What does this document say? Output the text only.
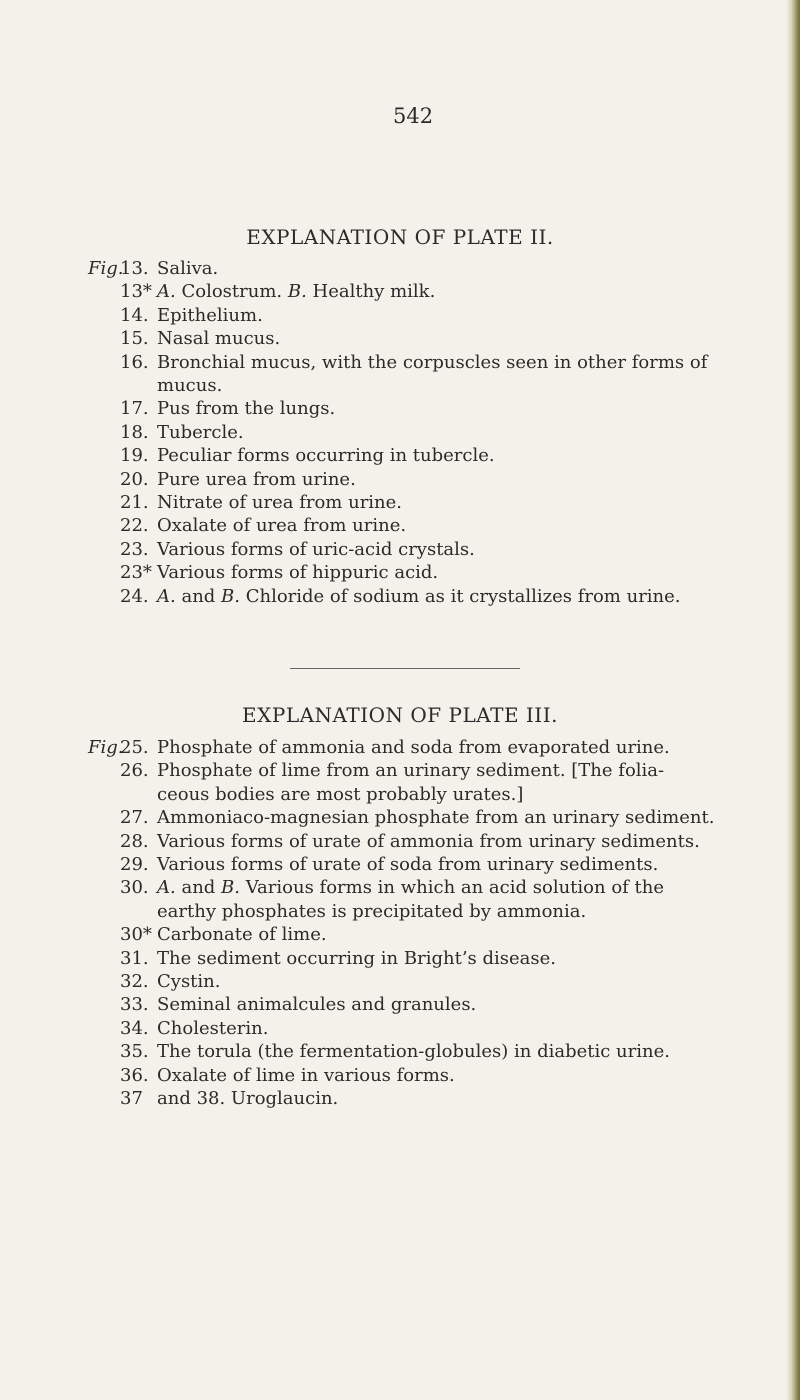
542
EXPLANATION OF PLATE II.
Fig.
13. Saliva.
13* A. Colostrum. B. Healthy milk.
14. Epithelium.
15. Nasal mucus.
16. Bronchial mucus, with the corpuscles seen in other forms of
mucus.
17. Pus from the lungs.
18. Tubercle.
19. Peculiar forms occurring in tubercle.
20. Pure urea from urine.
21. Nitrate of urea from urine.
22. Oxalate of urea from urine.
23. Various forms of uric-acid crystals.
23* Various forms of hippuric acid.
24. A. and B. Chloride of sodium as it crystallizes from urine.
EXPLANATION OF PLATE III.
Fig.
25. Phosphate of ammonia and soda from evaporated urine.
26. Phosphate of lime from an urinary sediment. [The folia-
ceous bodies are most probably urates.]
27. Ammoniaco-magnesian phosphate from an urinary sediment.
28. Various forms of urate of ammonia from urinary sediments.
29. Various forms of urate of soda from urinary sediments.
30. A. and B. Various forms in which an acid solution of the
earthy phosphates is precipitated by ammonia.
30* Carbonate of lime.
31. The sediment occurring in Bright’s disease.
32. Cystin.
33. Seminal animalcules and granules.
34. Cholesterin.
35. The torula (the fermentation-globules) in diabetic urine.
36. Oxalate of lime in various forms.
37 and 38. Uroglaucin.
